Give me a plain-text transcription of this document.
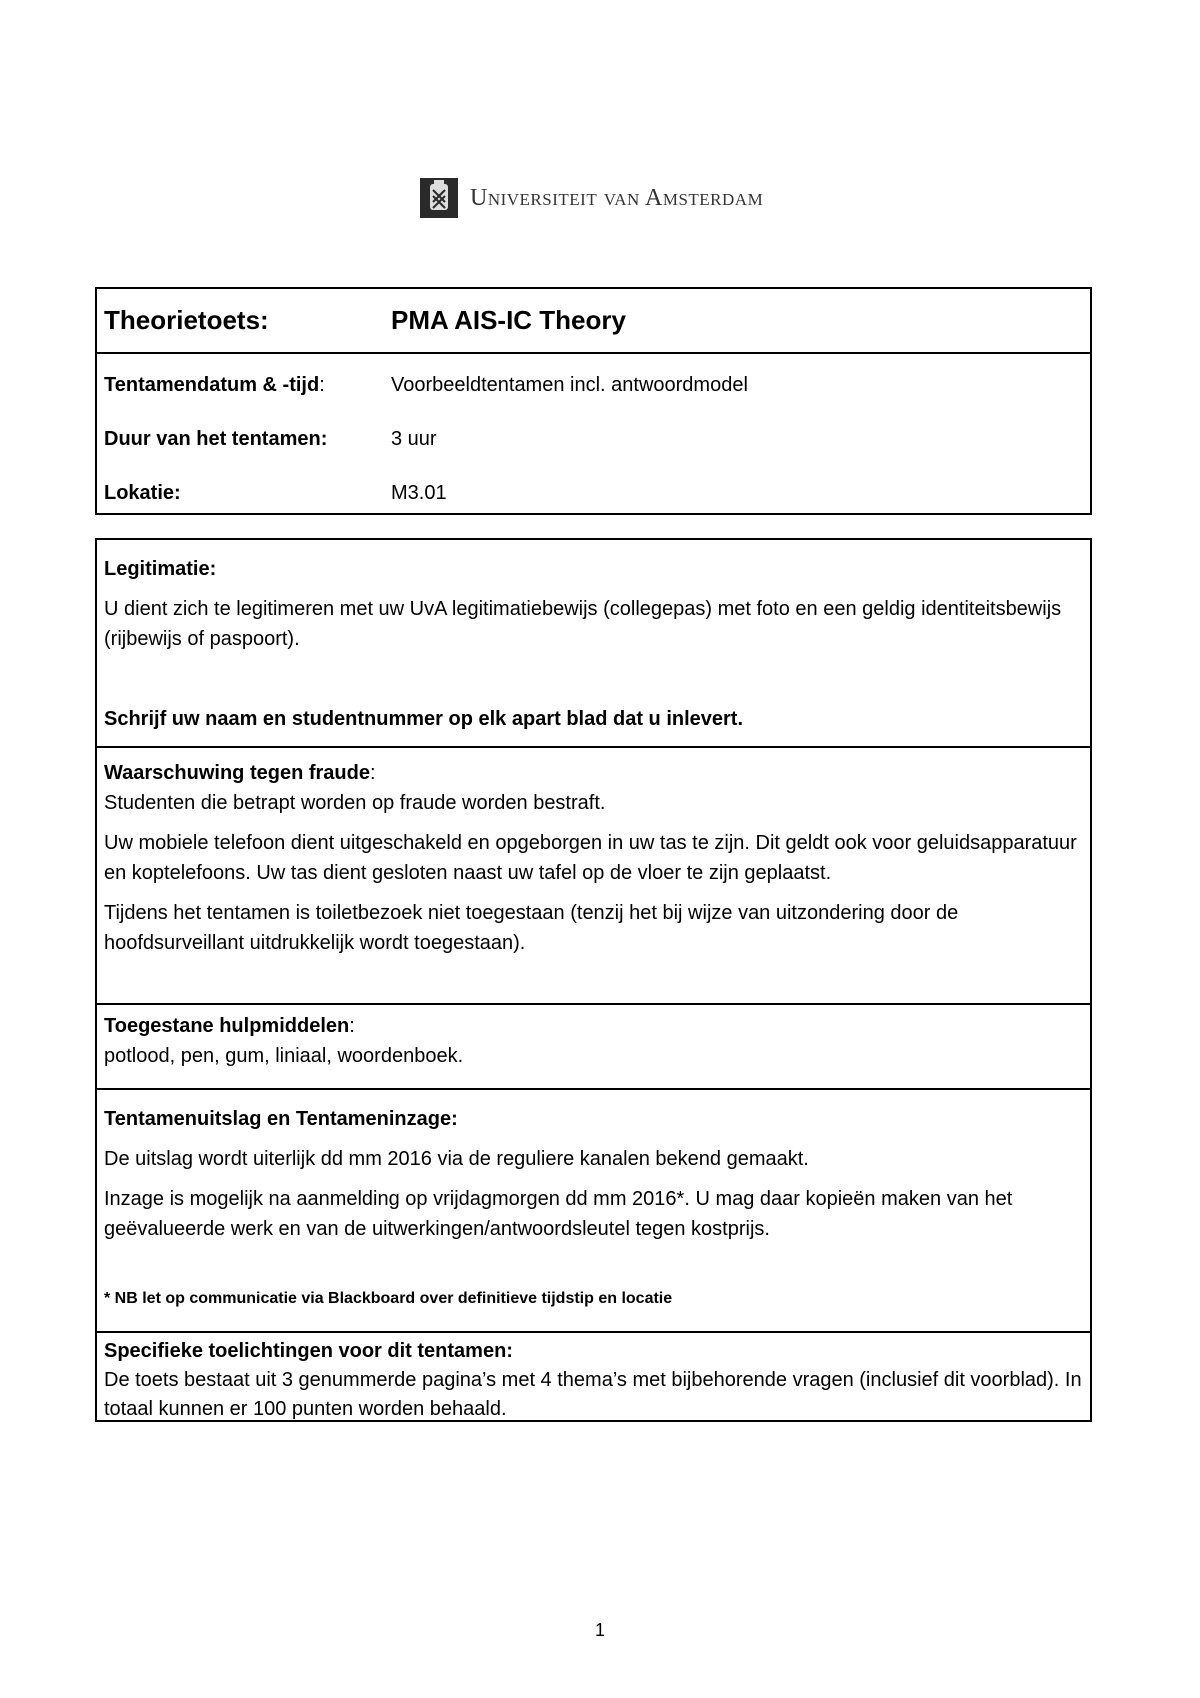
Universiteit van Amsterdam
Theorietoets:	PMA AIS-IC Theory
Tentamendatum & -tijd:	Voorbeeldtentamen incl. antwoordmodel
Duur van het tentamen:	3 uur
Lokatie:	M3.01

Legitimatie:

U dient zich te legitimeren met uw UvA legitimatiebewijs (collegepas) met foto en een geldig identiteitsbewijs (rijbewijs of paspoort).

Schrijf uw naam en studentnummer op elk apart blad dat u inlevert.

Waarschuwing tegen fraude:

Studenten die betrapt worden op fraude worden bestraft.

Uw mobiele telefoon dient uitgeschakeld en opgeborgen in uw tas te zijn. Dit geldt ook voor geluidsapparatuur en koptelefoons. Uw tas dient gesloten naast uw tafel op de vloer te zijn geplaatst.

Tijdens het tentamen is toiletbezoek niet toegestaan (tenzij het bij wijze van uitzondering door de hoofdsurveillant uitdrukkelijk wordt toegestaan).

Toegestane hulpmiddelen:

potlood, pen, gum, liniaal, woordenboek.

Tentamenuitslag en Tentameninzage:

De uitslag wordt uiterlijk dd mm 2016 via de reguliere kanalen bekend gemaakt.

Inzage is mogelijk na aanmelding op vrijdagmorgen dd mm 2016*. U mag daar kopieën maken van het geëvalueerde werk en van de uitwerkingen/antwoordsleutel tegen kostprijs.

* NB let op communicatie via Blackboard over definitieve tijdstip en locatie

Specifieke toelichtingen voor dit tentamen:

De toets bestaat uit 3 genummerde pagina’s met 4 thema’s met bijbehorende vragen (inclusief dit voorblad). In totaal kunnen er 100 punten worden behaald.

1
